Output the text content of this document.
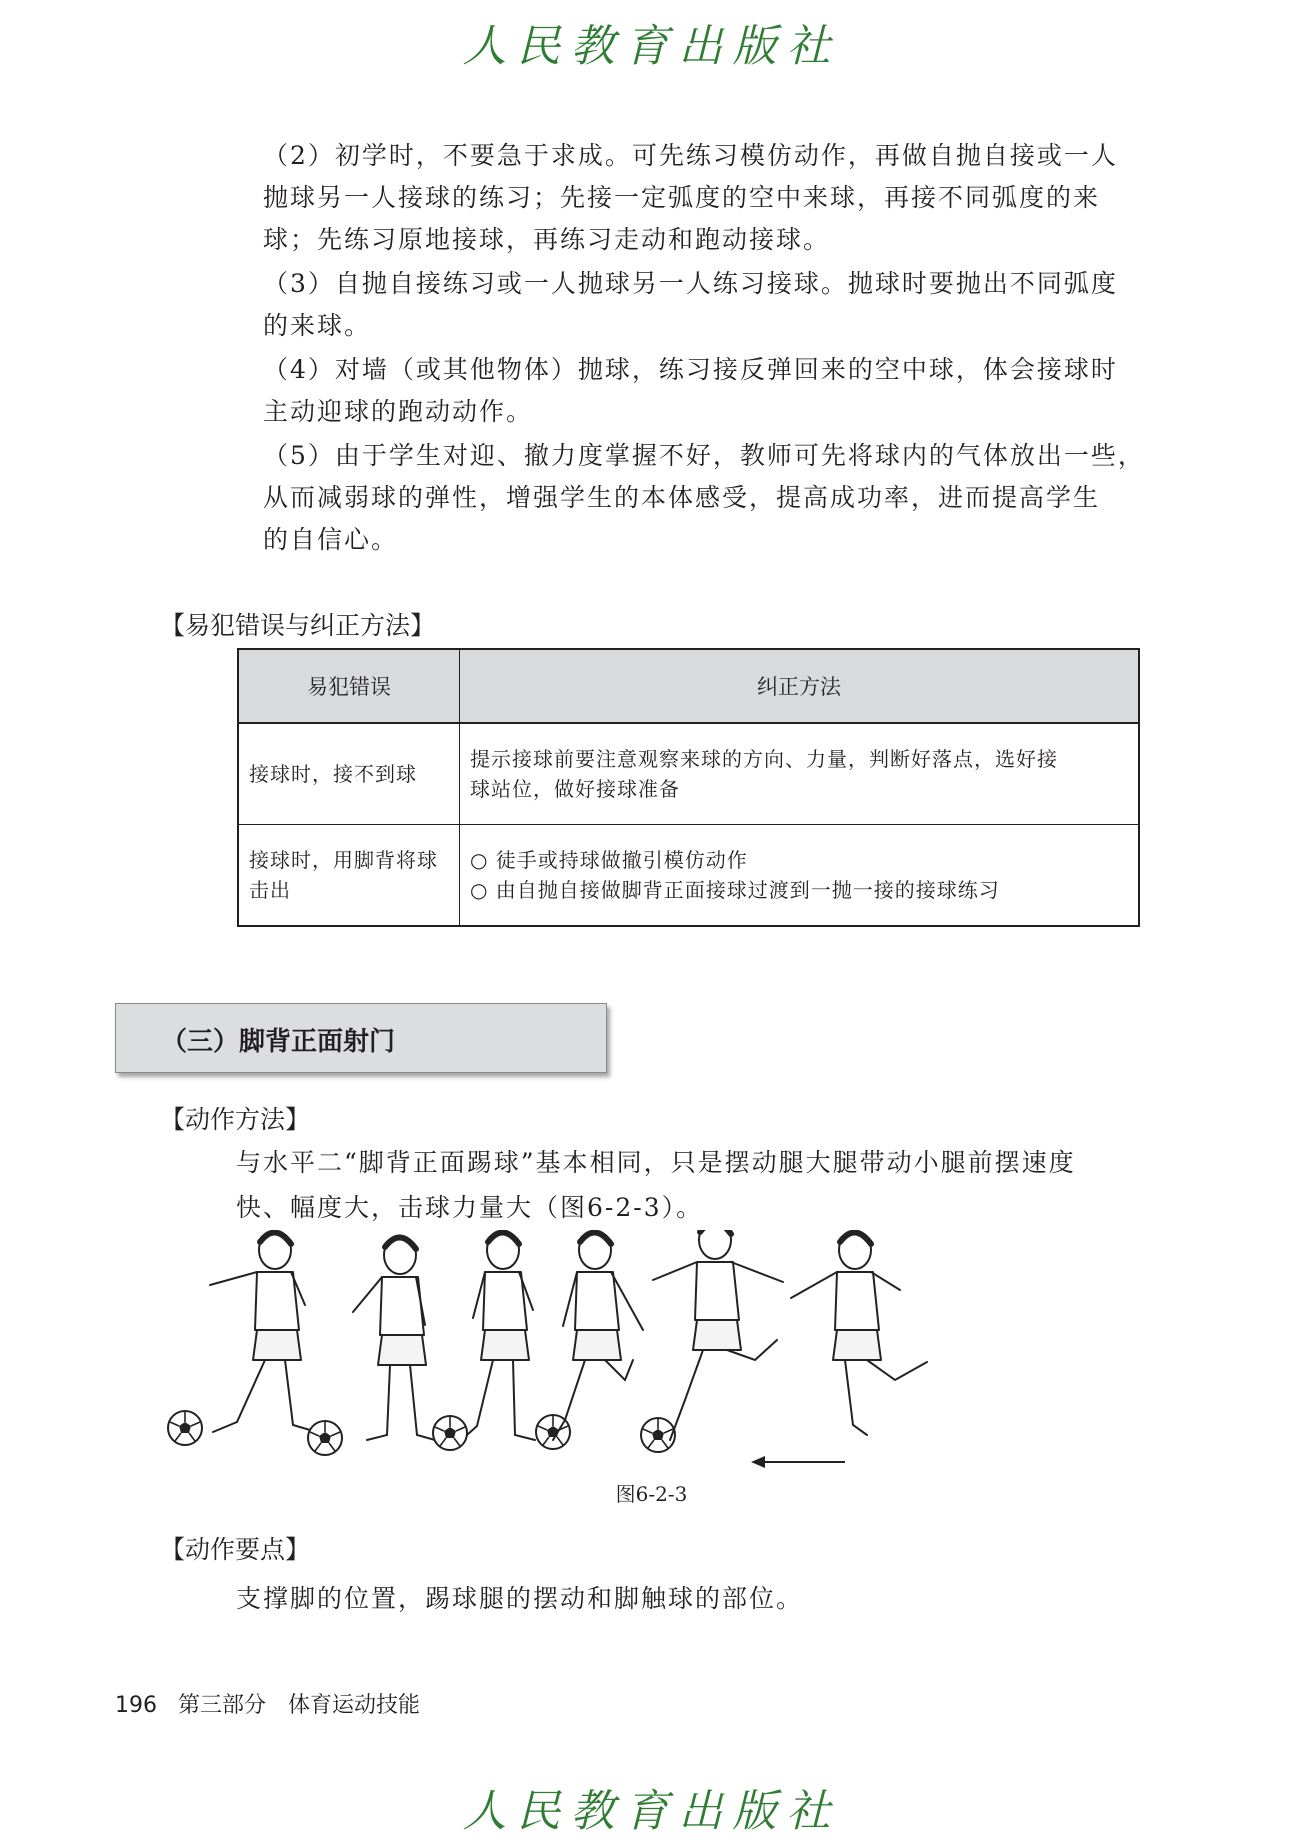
人民教育出版社
（2）初学时，不要急于求成。可先练习模仿动作，再做自抛自接或一人
抛球另一人接球的练习；先接一定弧度的空中来球，再接不同弧度的来
球；先练习原地接球，再练习走动和跑动接球。
（3）自抛自接练习或一人抛球另一人练习接球。抛球时要抛出不同弧度
的来球。
（4）对墙（或其他物体）抛球，练习接反弹回来的空中球，体会接球时
主动迎球的跑动动作。
（5）由于学生对迎、撤力度掌握不好，教师可先将球内的气体放出一些，
从而减弱球的弹性，增强学生的本体感受，提高成功率，进而提高学生
的自信心。
【易犯错误与纠正方法】
易犯错误	纠正方法
接球时，接不到球	提示接球前要注意观察来球的方向、力量，判断好落点，选好接
球站位，做好接球准备

接球时，用脚背将球击出	○ 徒手或持球做撤引模仿动作
○ 由自抛自接做脚背正面接球过渡到一抛一接的接球练习
（三）脚背正面射门
【动作方法】
与水平二“脚背正面踢球”基本相同，只是摆动腿大腿带动小腿前摆速度
快、幅度大，击球力量大（图6-2-3）。
图6-2-3
【动作要点】
支撑脚的位置，踢球腿的摆动和脚触球的部位。
196 第三部分　体育运动技能
人民教育出版社
